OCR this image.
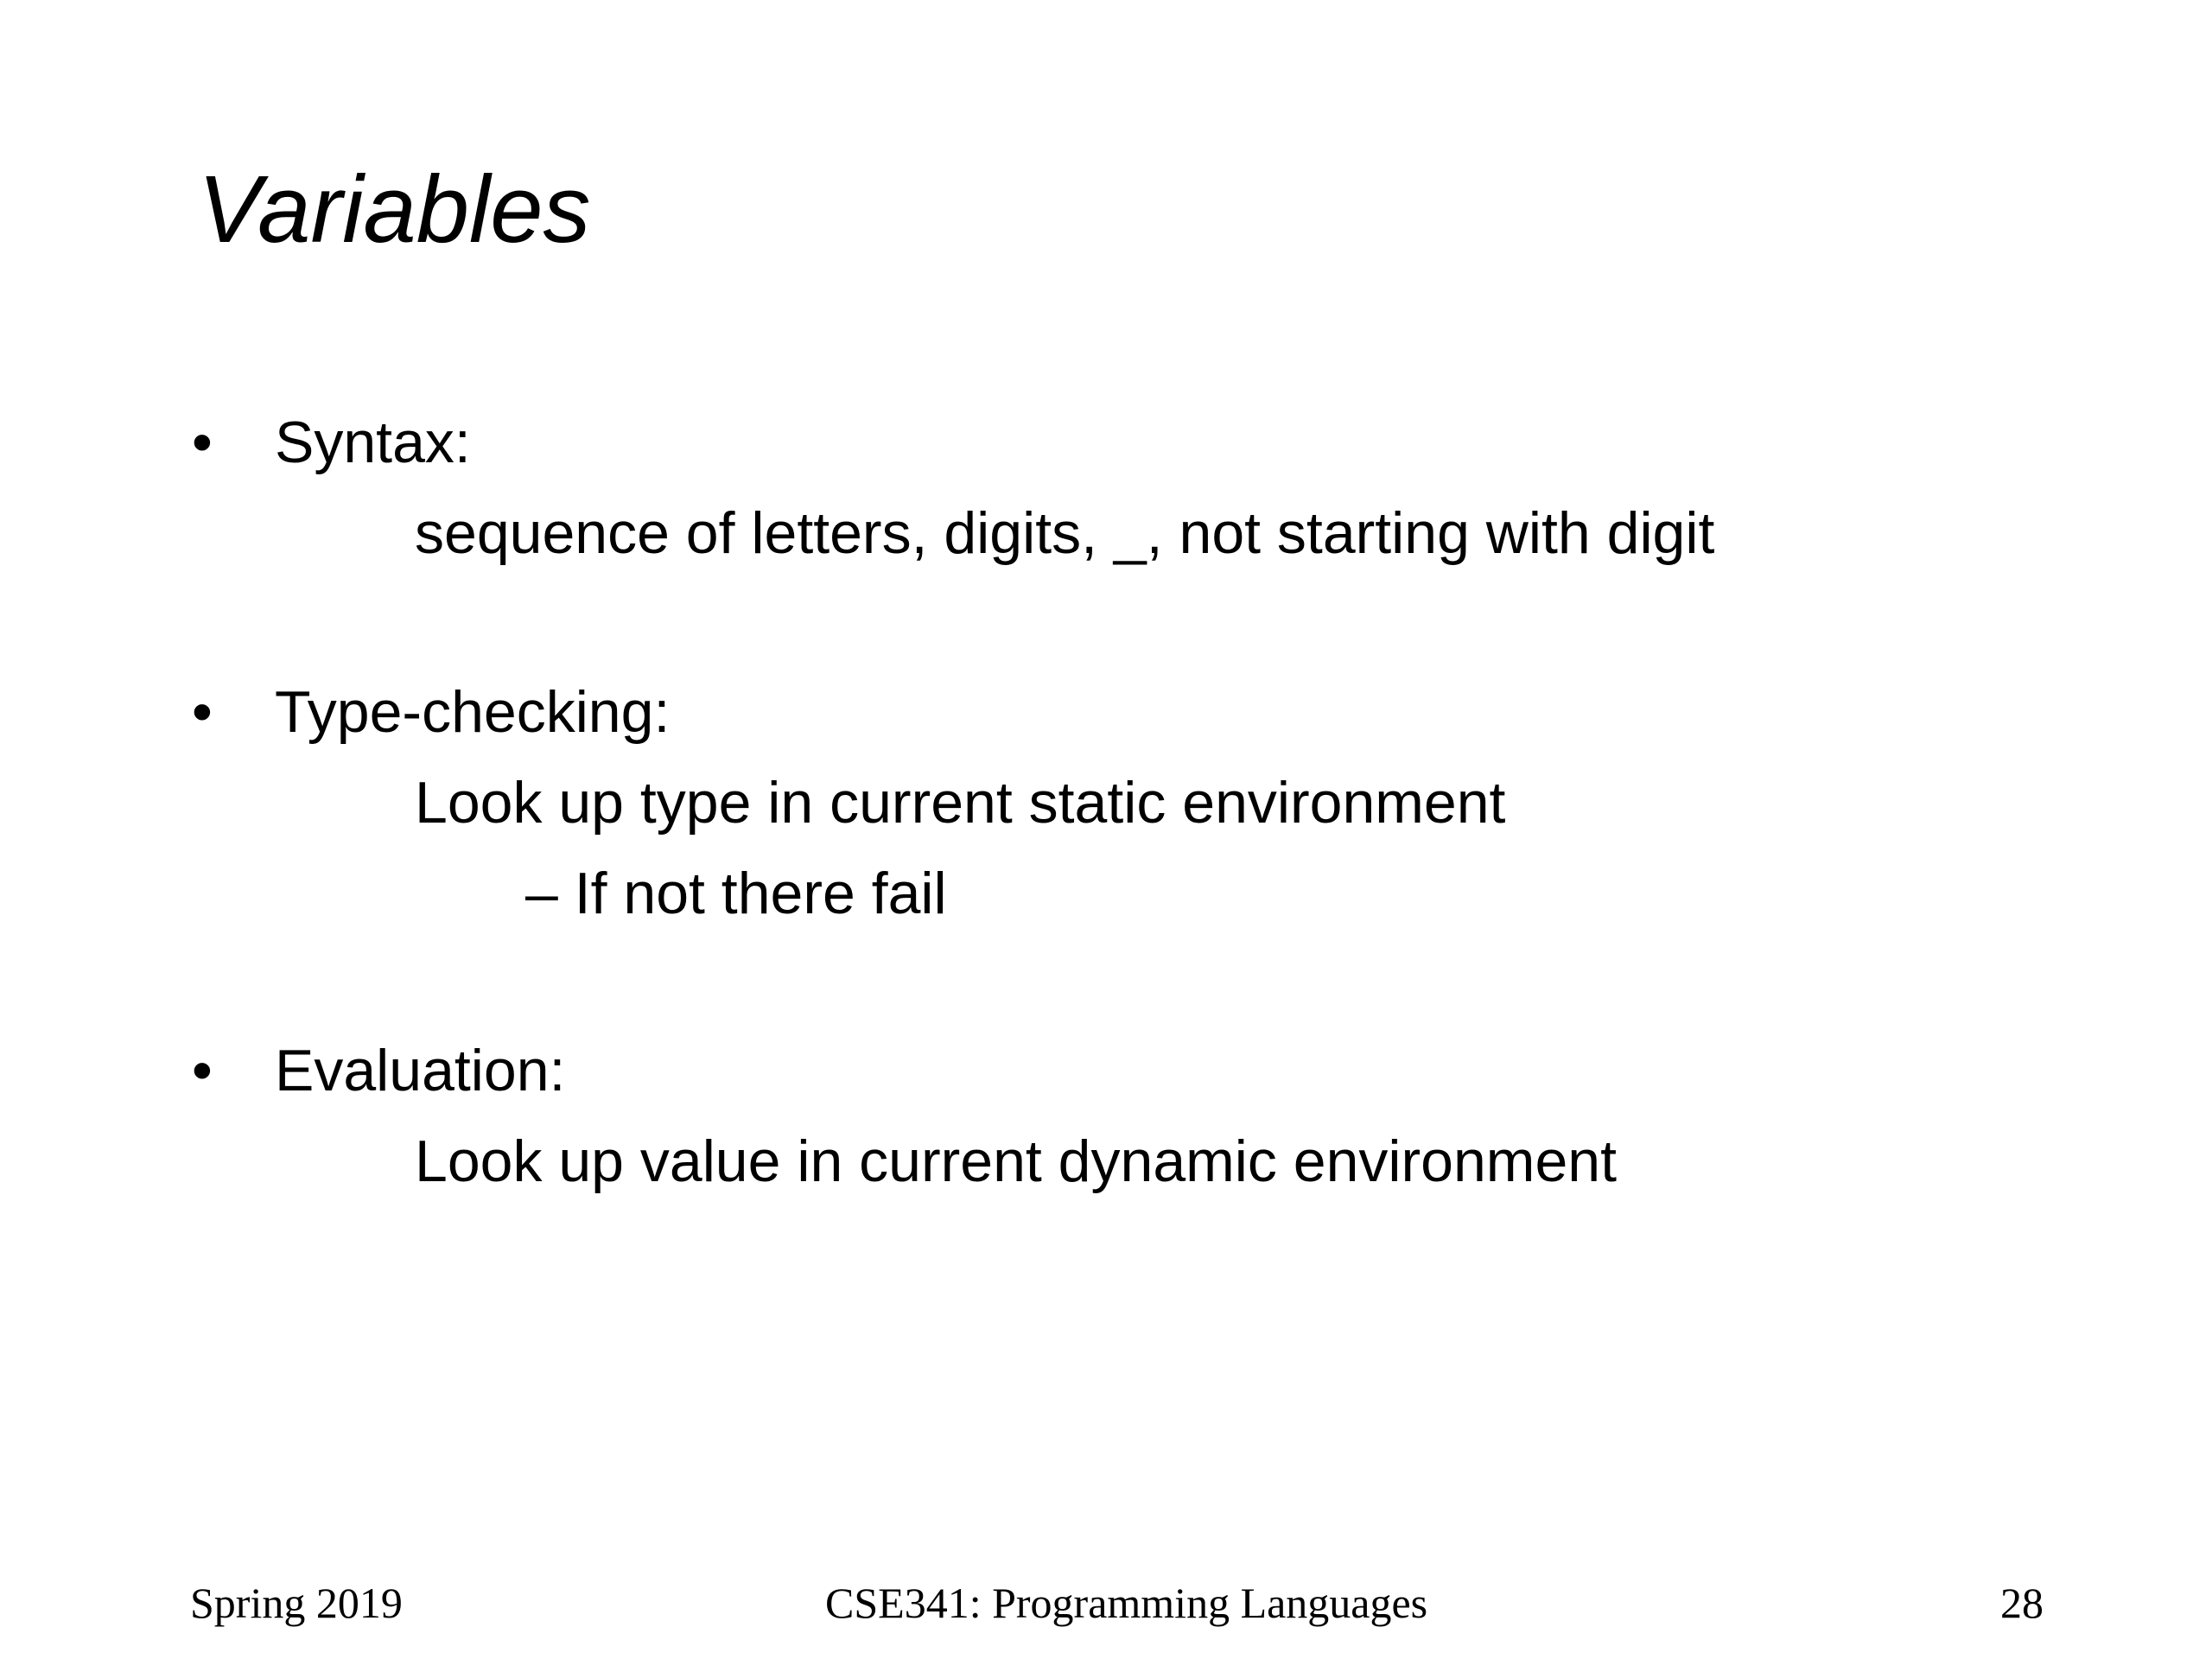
Variables
• Syntax:
sequence of letters, digits, _, not starting with digit
• Type-checking:
Look up type in current static environment
– If not there fail
• Evaluation:
Look up value in current dynamic environment
Spring 2019	CSE341: Programming Languages	28
